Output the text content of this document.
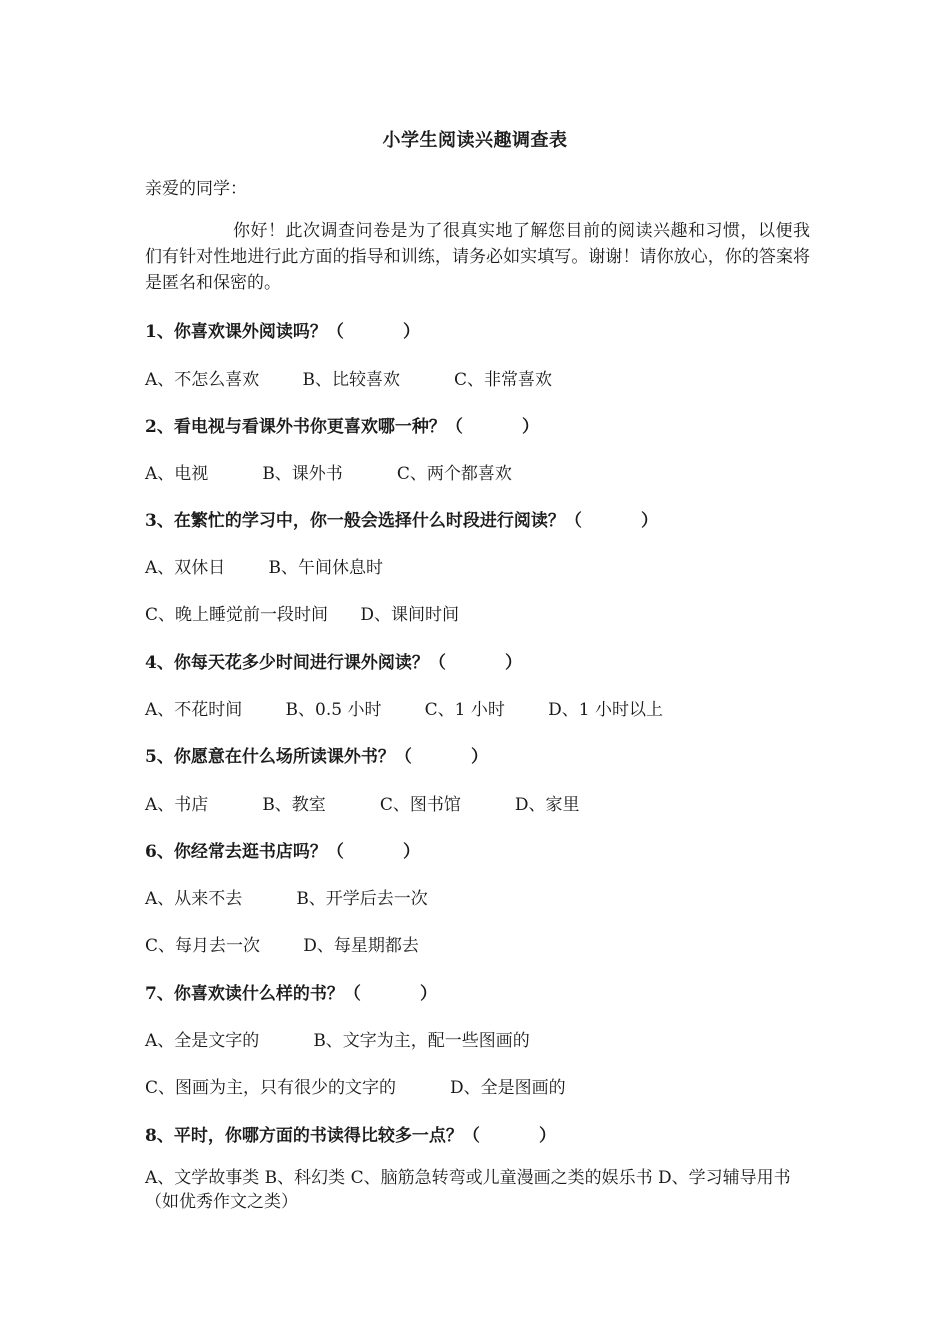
小学生阅读兴趣调查表
亲爱的同学：
你好！此次调查问卷是为了很真实地了解您目前的阅读兴趣和习惯，以便我们有针对性地进行此方面的指导和训练，请务必如实填写。谢谢！请你放心，你的答案将是匿名和保密的。
1、你喜欢课外阅读吗？（          ）
A、不怎么喜欢        B、比较喜欢          C、非常喜欢
2、看电视与看课外书你更喜欢哪一种？（          ）
A、电视          B、课外书          C、两个都喜欢
3、在繁忙的学习中，你一般会选择什么时段进行阅读？（          ）
A、双休日        B、午间休息时
C、晚上睡觉前一段时间      D、课间时间
4、你每天花多少时间进行课外阅读？（          ）
A、不花时间        B、0.5 小时        C、1 小时        D、1 小时以上
5、你愿意在什么场所读课外书？（          ）
A、书店          B、教室          C、图书馆          D、家里
6、你经常去逛书店吗？（          ）
A、从来不去          B、开学后去一次
C、每月去一次        D、每星期都去
7、你喜欢读什么样的书？（          ）
A、全是文字的          B、文字为主，配一些图画的
C、图画为主，只有很少的文字的          D、全是图画的
8、平时，你哪方面的书读得比较多一点？（          ）
A、文学故事类 B、科幻类 C、脑筋急转弯或儿童漫画之类的娱乐书 D、学习辅导用书（如优秀作文之类）
